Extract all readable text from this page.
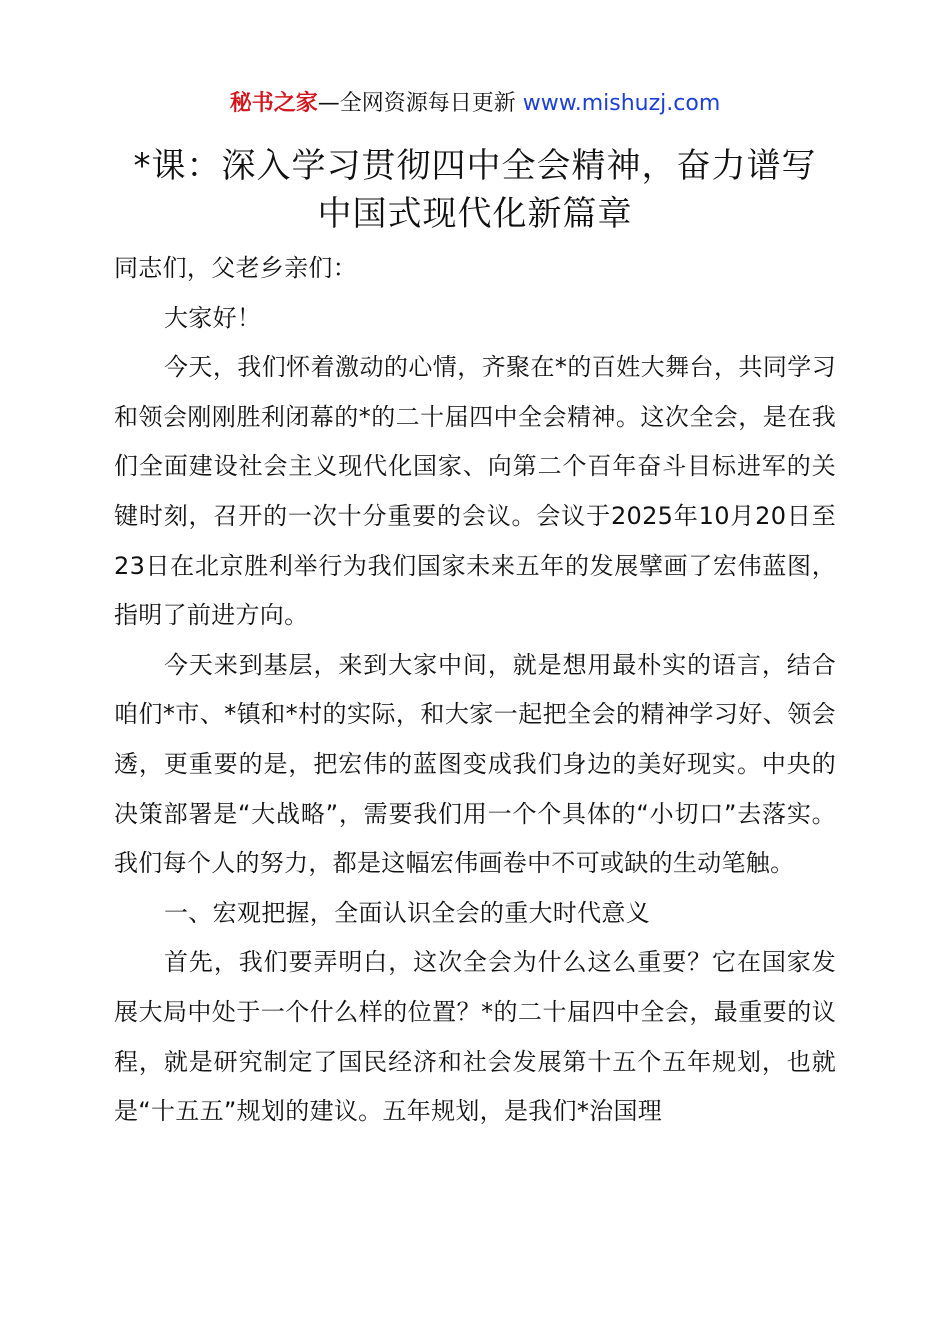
秘书之家—全网资源每日更新 www.mishuzj.com
*课：深入学习贯彻四中全会精神，奋力谱写
中国式现代化新篇章

同志们，父老乡亲们：

大家好！

今天，我们怀着激动的心情，齐聚在*的百姓大舞台，共同学习和领会刚刚胜利闭幕的*的二十届四中全会精神。这次全会，是在我们全面建设社会主义现代化国家、向第二个百年奋斗目标进军的关键时刻，召开的一次十分重要的会议。会议于2025年10月20日至23日在北京胜利举行为我们国家未来五年的发展擘画了宏伟蓝图，指明了前进方向。

今天来到基层，来到大家中间，就是想用最朴实的语言，结合咱们*市、*镇和*村的实际，和大家一起把全会的精神学习好、领会透，更重要的是，把宏伟的蓝图变成我们身边的美好现实。中央的决策部署是“大战略”，需要我们用一个个具体的“小切口”去落实。我们每个人的努力，都是这幅宏伟画卷中不可或缺的生动笔触。

一、宏观把握，全面认识全会的重大时代意义

首先，我们要弄明白，这次全会为什么这么重要？它在国家发展大局中处于一个什么样的位置？*的二十届四中全会，最重要的议程，就是研究制定了国民经济和社会发展第十五个五年规划，也就是“十五五”规划的建议。五年规划，是我们*治国理
